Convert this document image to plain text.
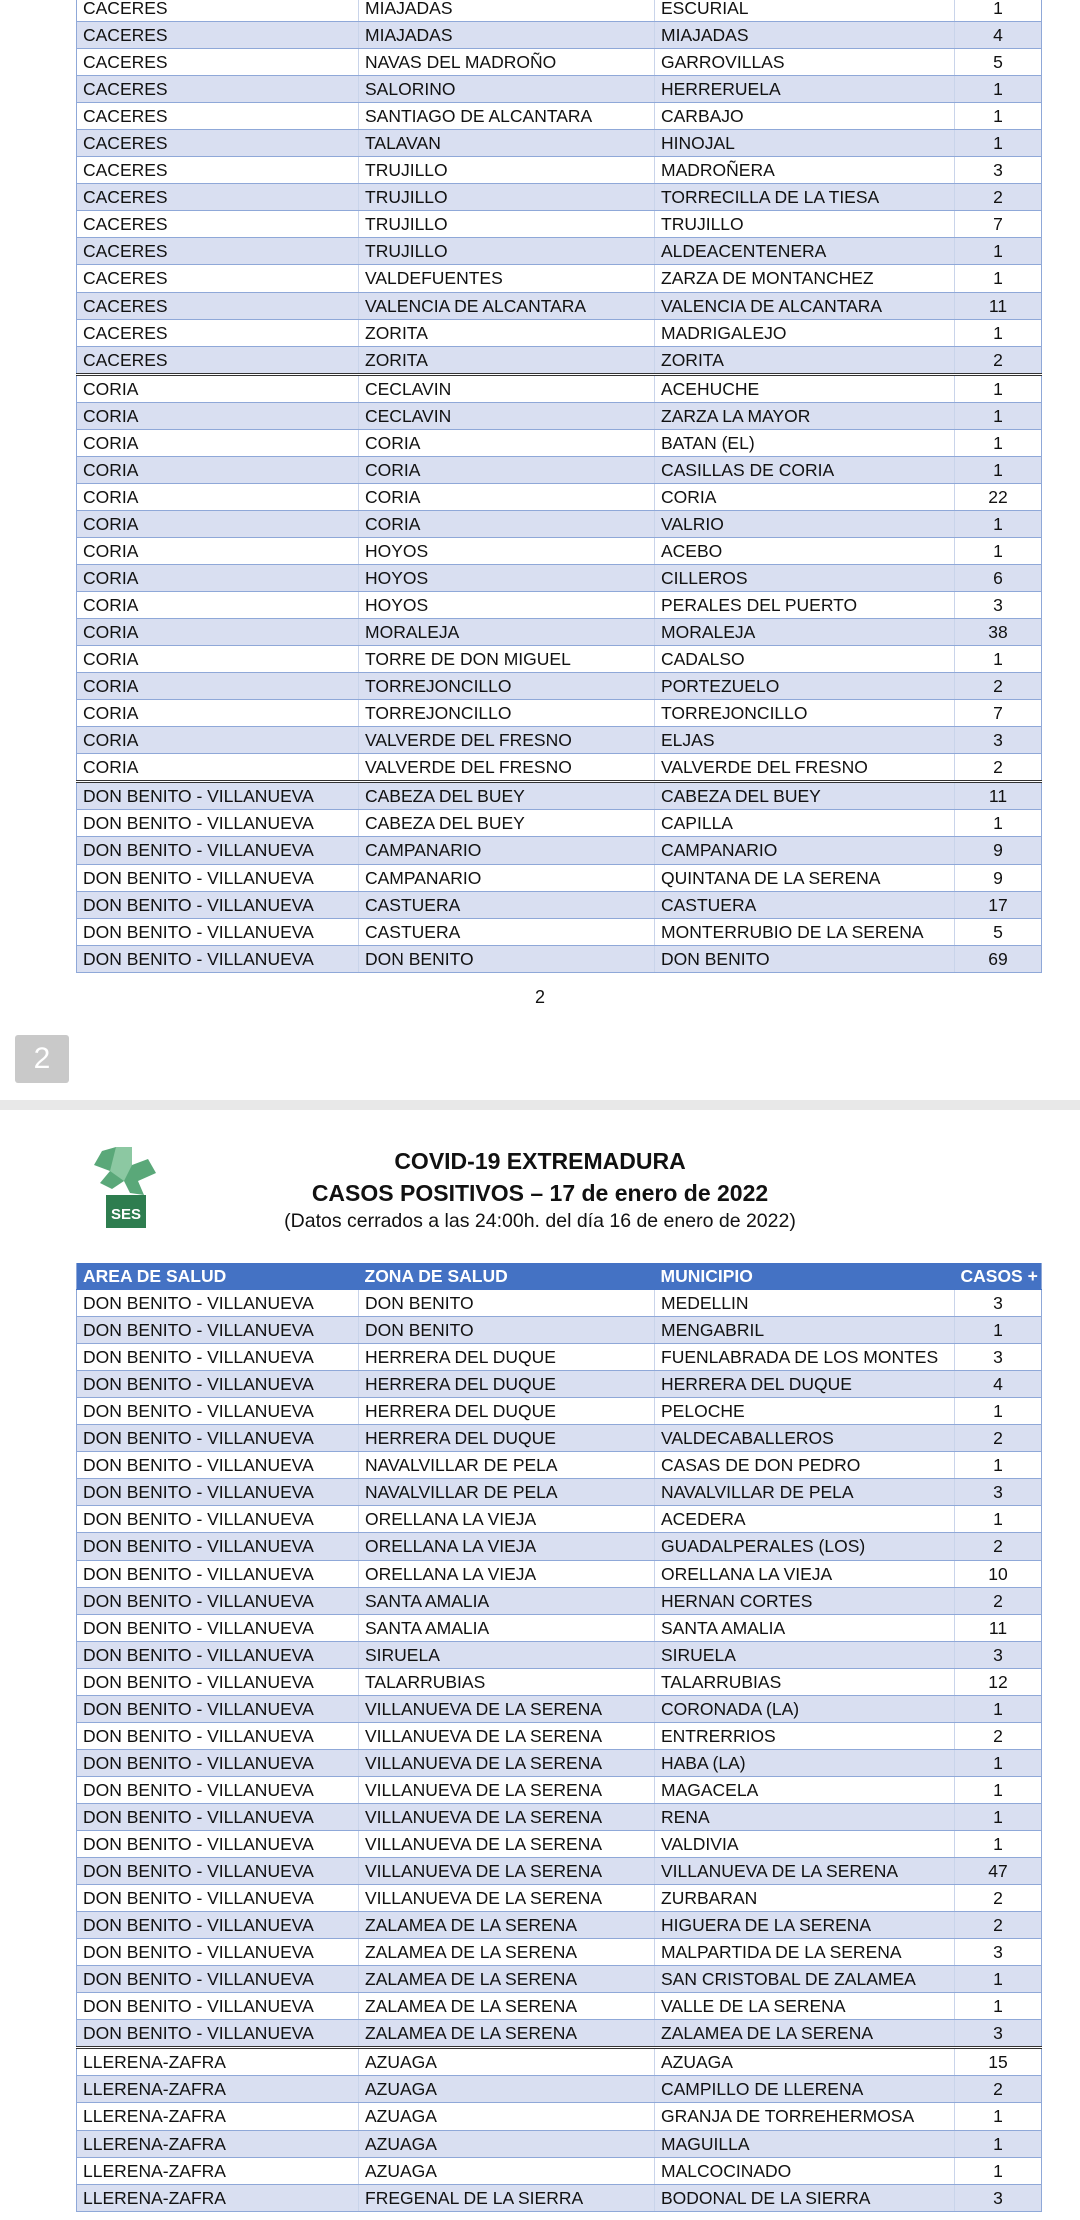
CACERES	MIAJADAS	ESCURIAL	1
CACERES	MIAJADAS	MIAJADAS	4
CACERES	NAVAS DEL MADROÑO	GARROVILLAS	5
CACERES	SALORINO	HERRERUELA	1
CACERES	SANTIAGO DE ALCANTARA	CARBAJO	1
CACERES	TALAVAN	HINOJAL	1
CACERES	TRUJILLO	MADROÑERA	3
CACERES	TRUJILLO	TORRECILLA DE LA TIESA	2
CACERES	TRUJILLO	TRUJILLO	7
CACERES	TRUJILLO	ALDEACENTENERA	1
CACERES	VALDEFUENTES	ZARZA DE MONTANCHEZ	1
CACERES	VALENCIA DE ALCANTARA	VALENCIA DE ALCANTARA	11
CACERES	ZORITA	MADRIGALEJO	1
CACERES	ZORITA	ZORITA	2
CORIA	CECLAVIN	ACEHUCHE	1
CORIA	CECLAVIN	ZARZA LA MAYOR	1
CORIA	CORIA	BATAN (EL)	1
CORIA	CORIA	CASILLAS DE CORIA	1
CORIA	CORIA	CORIA	22
CORIA	CORIA	VALRIO	1
CORIA	HOYOS	ACEBO	1
CORIA	HOYOS	CILLEROS	6
CORIA	HOYOS	PERALES DEL PUERTO	3
CORIA	MORALEJA	MORALEJA	38
CORIA	TORRE DE DON MIGUEL	CADALSO	1
CORIA	TORREJONCILLO	PORTEZUELO	2
CORIA	TORREJONCILLO	TORREJONCILLO	7
CORIA	VALVERDE DEL FRESNO	ELJAS	3
CORIA	VALVERDE DEL FRESNO	VALVERDE DEL FRESNO	2
DON BENITO - VILLANUEVA	CABEZA DEL BUEY	CABEZA DEL BUEY	11
DON BENITO - VILLANUEVA	CABEZA DEL BUEY	CAPILLA	1
DON BENITO - VILLANUEVA	CAMPANARIO	CAMPANARIO	9
DON BENITO - VILLANUEVA	CAMPANARIO	QUINTANA DE LA SERENA	9
DON BENITO - VILLANUEVA	CASTUERA	CASTUERA	17
DON BENITO - VILLANUEVA	CASTUERA	MONTERRUBIO DE LA SERENA	5
DON BENITO - VILLANUEVA	DON BENITO	DON BENITO	69
2
2
SES
COVID-19 EXTREMADURA
CASOS POSITIVOS – 17 de enero de 2022
(Datos cerrados a las 24:00h. del día 16 de enero de 2022)
AREA DE SALUD	ZONA DE SALUD	MUNICIPIO	CASOS +
DON BENITO - VILLANUEVA	DON BENITO	MEDELLIN	3
DON BENITO - VILLANUEVA	DON BENITO	MENGABRIL	1
DON BENITO - VILLANUEVA	HERRERA DEL DUQUE	FUENLABRADA DE LOS MONTES	3
DON BENITO - VILLANUEVA	HERRERA DEL DUQUE	HERRERA DEL DUQUE	4
DON BENITO - VILLANUEVA	HERRERA DEL DUQUE	PELOCHE	1
DON BENITO - VILLANUEVA	HERRERA DEL DUQUE	VALDECABALLEROS	2
DON BENITO - VILLANUEVA	NAVALVILLAR DE PELA	CASAS DE DON PEDRO	1
DON BENITO - VILLANUEVA	NAVALVILLAR DE PELA	NAVALVILLAR DE PELA	3
DON BENITO - VILLANUEVA	ORELLANA LA VIEJA	ACEDERA	1
DON BENITO - VILLANUEVA	ORELLANA LA VIEJA	GUADALPERALES (LOS)	2
DON BENITO - VILLANUEVA	ORELLANA LA VIEJA	ORELLANA LA VIEJA	10
DON BENITO - VILLANUEVA	SANTA AMALIA	HERNAN CORTES	2
DON BENITO - VILLANUEVA	SANTA AMALIA	SANTA AMALIA	11
DON BENITO - VILLANUEVA	SIRUELA	SIRUELA	3
DON BENITO - VILLANUEVA	TALARRUBIAS	TALARRUBIAS	12
DON BENITO - VILLANUEVA	VILLANUEVA DE LA SERENA	CORONADA (LA)	1
DON BENITO - VILLANUEVA	VILLANUEVA DE LA SERENA	ENTRERRIOS	2
DON BENITO - VILLANUEVA	VILLANUEVA DE LA SERENA	HABA (LA)	1
DON BENITO - VILLANUEVA	VILLANUEVA DE LA SERENA	MAGACELA	1
DON BENITO - VILLANUEVA	VILLANUEVA DE LA SERENA	RENA	1
DON BENITO - VILLANUEVA	VILLANUEVA DE LA SERENA	VALDIVIA	1
DON BENITO - VILLANUEVA	VILLANUEVA DE LA SERENA	VILLANUEVA DE LA SERENA	47
DON BENITO - VILLANUEVA	VILLANUEVA DE LA SERENA	ZURBARAN	2
DON BENITO - VILLANUEVA	ZALAMEA DE LA SERENA	HIGUERA DE LA SERENA	2
DON BENITO - VILLANUEVA	ZALAMEA DE LA SERENA	MALPARTIDA DE LA SERENA	3
DON BENITO - VILLANUEVA	ZALAMEA DE LA SERENA	SAN CRISTOBAL DE ZALAMEA	1
DON BENITO - VILLANUEVA	ZALAMEA DE LA SERENA	VALLE DE LA SERENA	1
DON BENITO - VILLANUEVA	ZALAMEA DE LA SERENA	ZALAMEA DE LA SERENA	3
LLERENA-ZAFRA	AZUAGA	AZUAGA	15
LLERENA-ZAFRA	AZUAGA	CAMPILLO DE LLERENA	2
LLERENA-ZAFRA	AZUAGA	GRANJA DE TORREHERMOSA	1
LLERENA-ZAFRA	AZUAGA	MAGUILLA	1
LLERENA-ZAFRA	AZUAGA	MALCOCINADO	1
LLERENA-ZAFRA	FREGENAL DE LA SIERRA	BODONAL DE LA SIERRA	3
